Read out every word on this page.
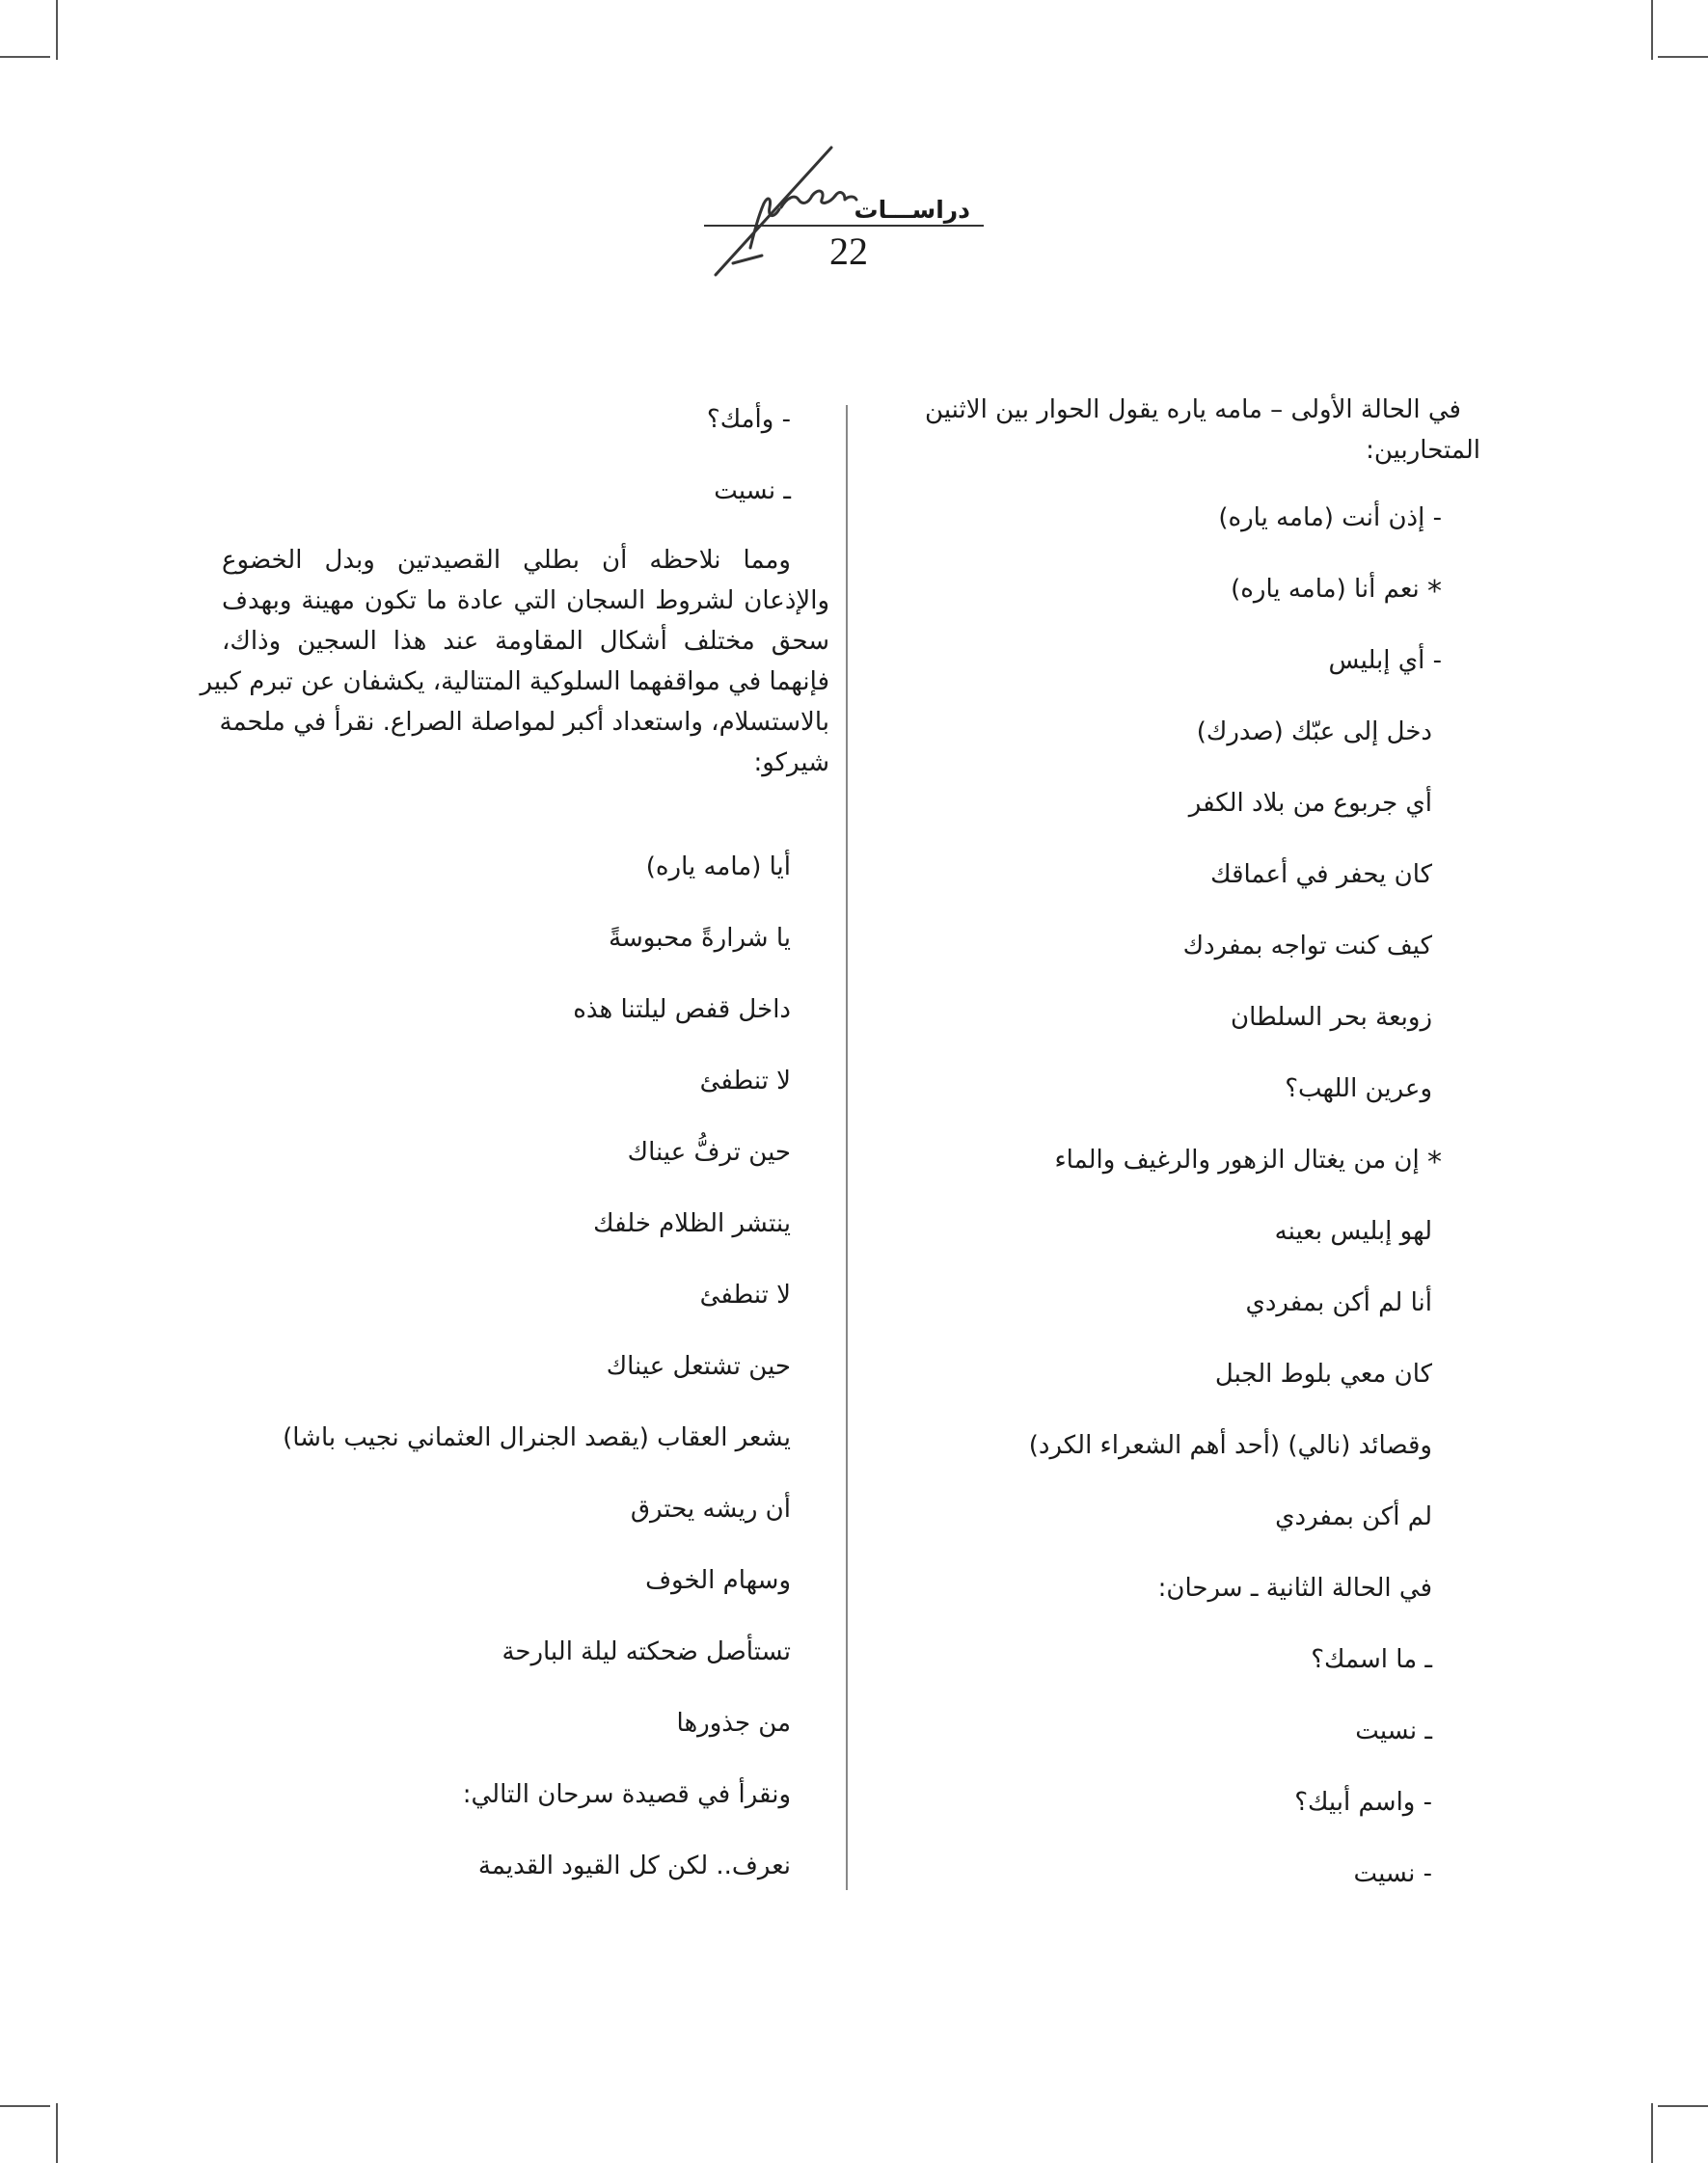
دراســـات
22
في الحالة الأولى – مامه ياره يقول الحوار بين الاثنين
المتحاربين:
- إذن أنت (مامه ياره)
* نعم أنا (مامه ياره)
- أي إبليس
دخل إلى عبّك (صدرك)
أي جربوع من بلاد الكفر
كان يحفر في أعماقك
كيف كنت تواجه بمفردك
زوبعة بحر السلطان
وعرين اللهب؟
* إن من يغتال الزهور والرغيف والماء
لهو إبليس بعينه
أنا لم أكن بمفردي
كان معي بلوط الجبل
وقصائد (نالي) (أحد أهم الشعراء الكرد)
لم أكن بمفردي
في الحالة الثانية ـ سرحان:
ـ ما اسمك؟
ـ نسيت
- واسم أبيك؟
- نسيت
- وأمك؟
ـ نسيت
ومما نلاحظه أن بطلي القصيدتين وبدل الخضوع
والإذعان لشروط السجان التي عادة ما تكون مهينة وبهدف
سحق مختلف أشكال المقاومة عند هذا السجين وذاك،
فإنهما في مواقفهما السلوكية المتتالية، يكشفان عن تبرم كبير
بالاستسلام، واستعداد أكبر لمواصلة الصراع. نقرأ في ملحمة
شيركو:
أيا (مامه ياره)
يا شرارةً محبوسةً
داخل قفص ليلتنا هذه
لا تنطفئ
حين ترفُّ عيناك
ينتشر الظلام خلفك
لا تنطفئ
حين تشتعل عيناك
يشعر العقاب (يقصد الجنرال العثماني نجيب باشا)
أن ريشه يحترق
وسهام الخوف
تستأصل ضحكته ليلة البارحة
من جذورها
ونقرأ في قصيدة سرحان التالي:
نعرف.. لكن كل القيود القديمة
